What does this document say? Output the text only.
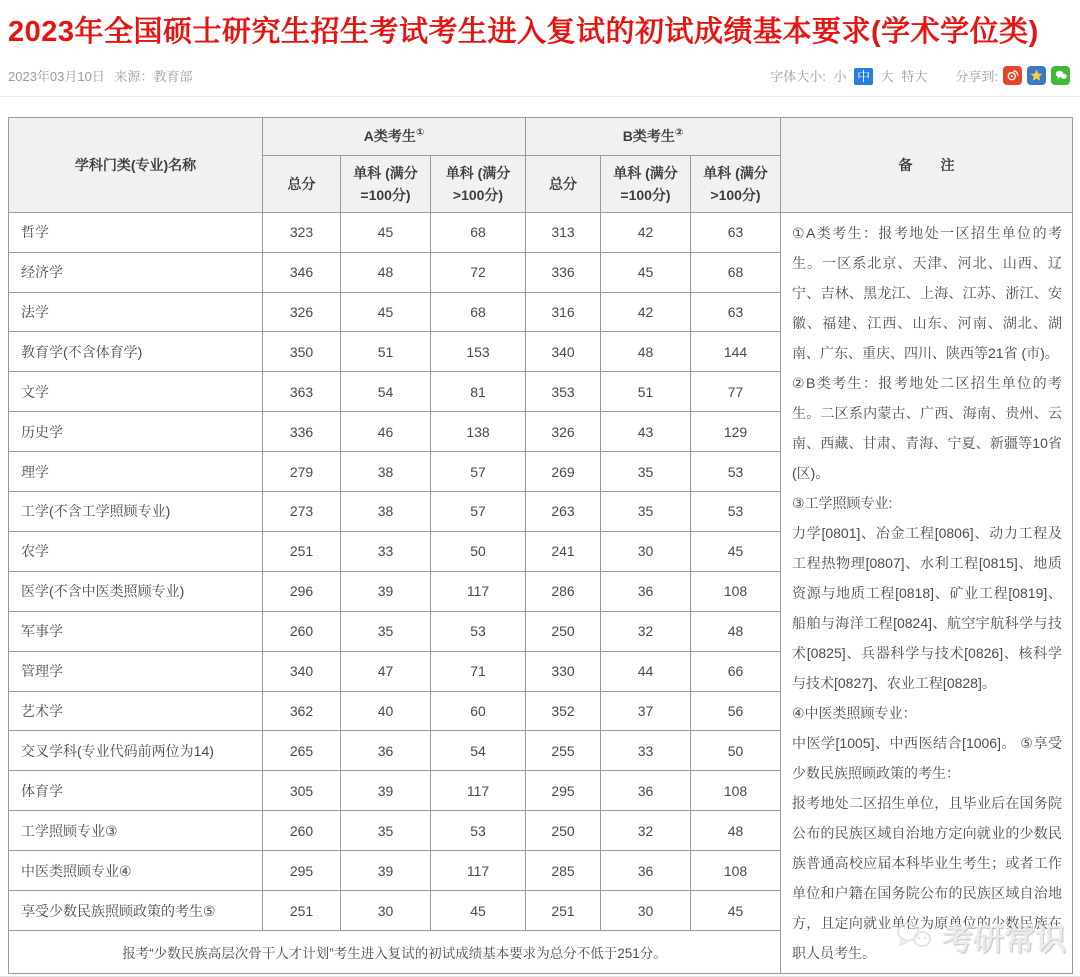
2023年全国硕士研究生招生考试考生进入复试的初试成绩基本要求(学术学位类)
2023年03月10日 来源：教育部	字体大小: 小 中 大 特大 分享到:
学科门类(专业)名称	A类考生①			B类考生②			备　　注
	总分	单科 (满分=100分)	单科 (满分>100分)	总分	单科 (满分=100分)	单科 (满分>100分)	
哲学	323	45	68	313	42	63	①A类考生：报考地处一区招生单位的考生。一区系北京、天津、河北、山西、辽宁、吉林、黑龙江、上海、江苏、浙江、安徽、福建、江西、山东、河南、湖北、湖南、广东、重庆、四川、陕西等21省 (市)。

②B类考生：报考地处二区招生单位的考生。二区系内蒙古、广西、海南、贵州、云南、西藏、甘肃、青海、宁夏、新疆等10省(区)。

③工学照顾专业:

力学[0801]、冶金工程[0806]、动力工程及工程热物理[0807]、水利工程[0815]、地质资源与地质工程[0818]、矿业工程[0819]、船舶与海洋工程[0824]、航空宇航科学与技术[0825]、兵器科学与技术[0826]、核科学与技术[0827]、农业工程[0828]。

④中医类照顾专业：

中医学[1005]、中西医结合[1006]。 ⑤享受少数民族照顾政策的考生：

报考地处二区招生单位，且毕业后在国务院公布的民族区域自治地方定向就业的少数民族普通高校应届本科毕业生考生；或者工作单位和户籍在国务院公布的民族区域自治地方，且定向就业单位为原单位的少数民族在职人员考生。	考研常识

经济学	346	48	72	336	45	68	
法学	326	45	68	316	42	63	
教育学(不含体育学)	350	51	153	340	48	144	
文学	363	54	81	353	51	77	
历史学	336	46	138	326	43	129	
理学	279	38	57	269	35	53	
工学(不含工学照顾专业)	273	38	57	263	35	53	
农学	251	33	50	241	30	45	
医学(不含中医类照顾专业)	296	39	117	286	36	108	
军事学	260	35	53	250	32	48	
管理学	340	47	71	330	44	66	
艺术学	362	40	60	352	37	56	
交叉学科(专业代码前两位为14)	265	36	54	255	33	50	
体育学	305	39	117	295	36	108	
工学照顾专业③	260	35	53	250	32	48	
中医类照顾专业④	295	39	117	285	36	108	
享受少数民族照顾政策的考生⑤	251	30	45	251	30	45	
报考“少数民族高层次骨干人才计划”考生进入复试的初试成绩基本要求为总分不低于251分。							
